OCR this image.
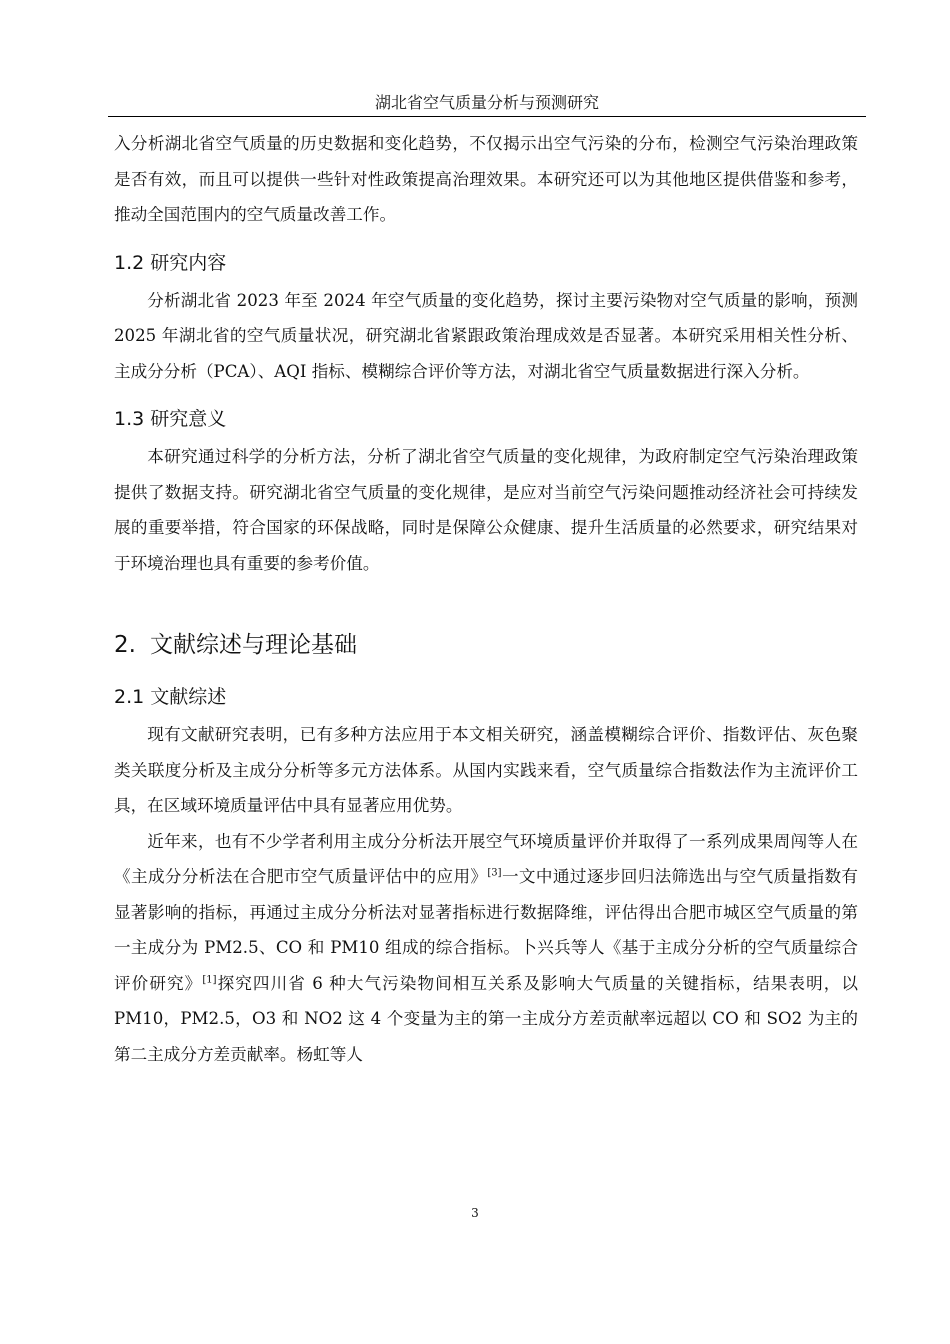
湖北省空气质量分析与预测研究

入分析湖北省空气质量的历史数据和变化趋势，不仅揭示出空气污染的分布，检测空气污染治理政策是否有效，而且可以提供一些针对性政策提高治理效果。本研究还可以为其他地区提供借鉴和参考，推动全国范围内的空气质量改善工作。

1.2 研究内容

分析湖北省 2023 年至 2024 年空气质量的变化趋势，探讨主要污染物对空气质量的影响，预测 2025 年湖北省的空气质量状况，研究湖北省紧跟政策治理成效是否显著。本研究采用相关性分析、主成分分析（PCA）、AQI 指标、模糊综合评价等方法，对湖北省空气质量数据进行深入分析。

1.3 研究意义

本研究通过科学的分析方法，分析了湖北省空气质量的变化规律，为政府制定空气污染治理政策提供了数据支持。研究湖北省空气质量的变化规律，是应对当前空气污染问题推动经济社会可持续发展的重要举措，符合国家的环保战略，同时是保障公众健康、提升生活质量的必然要求，研究结果对于环境治理也具有重要的参考价值。

2. 文献综述与理论基础
2.1 文献综述

现有文献研究表明，已有多种方法应用于本文相关研究，涵盖模糊综合评价、指数评估、灰色聚类关联度分析及主成分分析等多元方法体系。从国内实践来看，空气质量综合指数法作为主流评价工具，在区域环境质量评估中具有显著应用优势。

近年来，也有不少学者利用主成分分析法开展空气环境质量评价并取得了一系列成果周闯等人在《主成分分析法在合肥市空气质量评估中的应用》[3]一文中通过逐步回归法筛选出与空气质量指数有显著影响的指标，再通过主成分分析法对显著指标进行数据降维，评估得出合肥市城区空气质量的第一主成分为 PM2.5、CO 和 PM10 组成的综合指标。卜兴兵等人《基于主成分分析的空气质量综合评价研究》[1]探究四川省 6 种大气污染物间相互关系及影响大气质量的关键指标，结果表明，以 PM10，PM2.5，O3 和 NO2 这 4 个变量为主的第一主成分方差贡献率远超以 CO 和 SO2 为主的第二主成分方差贡献率。杨虹等人

3
